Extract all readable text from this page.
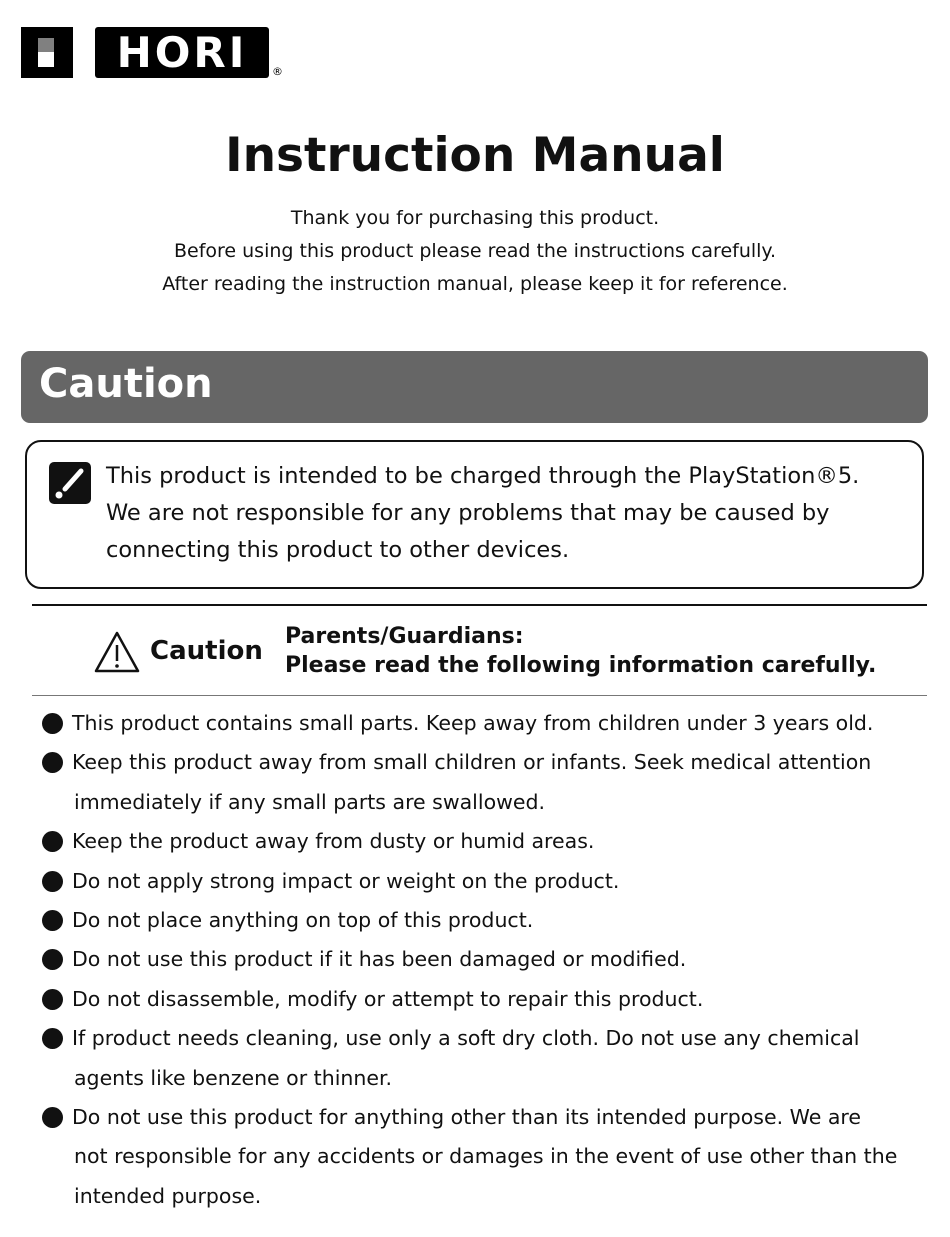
HORI	®
Instruction Manual
Thank you for purchasing this product.
Before using this product please read the instructions carefully.
After reading the instruction manual, please keep it for reference.
Caution
This product is intended to be charged through the PlayStation®5.
We are not responsible for any problems that may be caused by
connecting this product to other devices.
Caution Parents/Guardians:
Please read the following information carefully.
This product contains small parts. Keep away from children under 3 years old.
Keep this product away from small children or infants. Seek medical attention
immediately if any small parts are swallowed.
Keep the product away from dusty or humid areas.
Do not apply strong impact or weight on the product.
Do not place anything on top of this product.
Do not use this product if it has been damaged or modified.
Do not disassemble, modify or attempt to repair this product.
If product needs cleaning, use only a soft dry cloth. Do not use any chemical
agents like benzene or thinner.
Do not use this product for anything other than its intended purpose. We are
not responsible for any accidents or damages in the event of use other than the
intended purpose.
